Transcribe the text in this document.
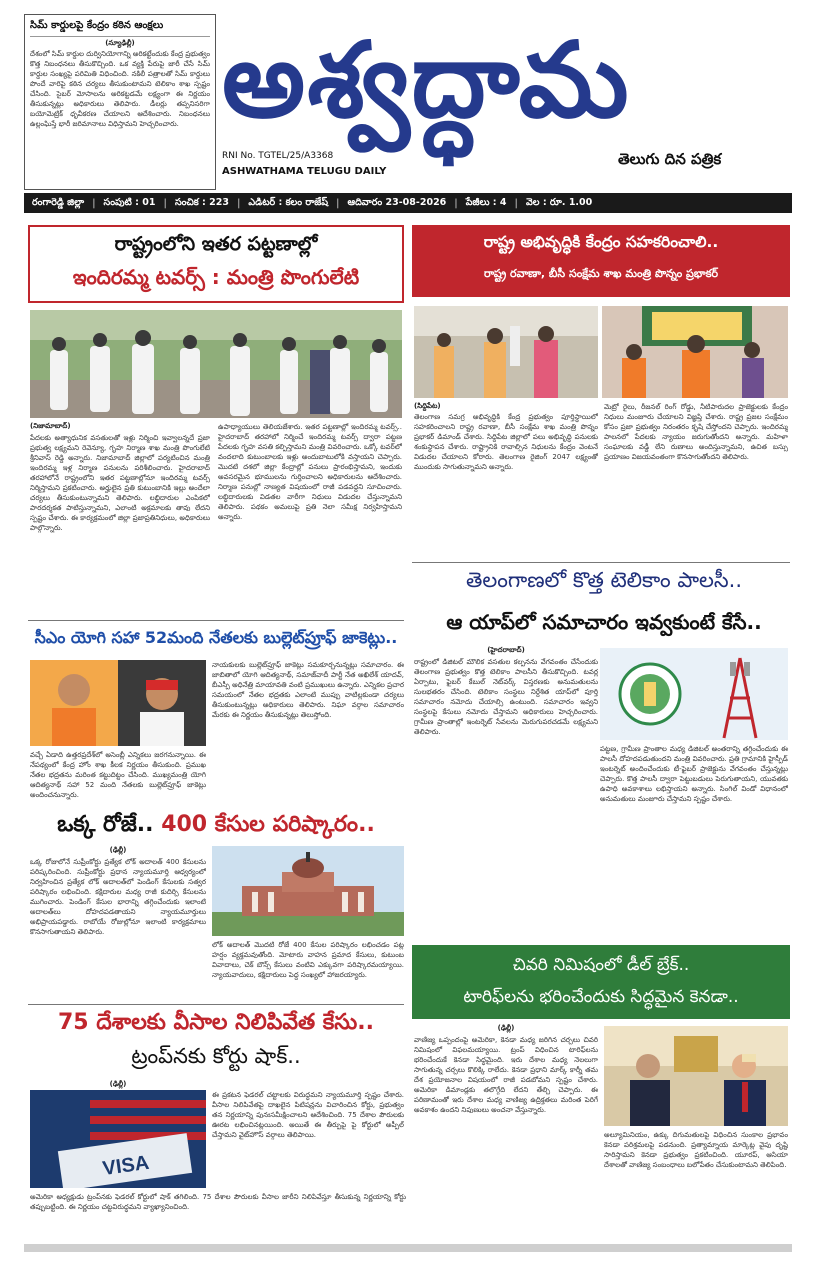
సిమ్ కార్డులపై కేంద్రం కఠిన ఆంక్షలు
(న్యూఢిల్లీ)
దేశంలో సిమ్ కార్డుల దుర్వినియోగాన్ని అరికట్టేందుకు కేంద్ర ప్రభుత్వం కొత్త నిబంధనలు తీసుకొచ్చింది. ఒక వ్యక్తి పేరుపై జారీ చేసే సిమ్ కార్డుల సంఖ్యపై పరిమితి విధించింది. నకిలీ పత్రాలతో సిమ్ కార్డులు పొందే వారిపై కఠిన చర్యలు తీసుకుంటామని టెలికాం శాఖ స్పష్టం చేసింది. సైబర్ మోసాలను అరికట్టడమే లక్ష్యంగా ఈ నిర్ణయం తీసుకున్నట్లు అధికారులు తెలిపారు. డీలర్లు తప్పనిసరిగా బయోమెట్రిక్ ధృవీకరణ చేయాలని ఆదేశించారు. నిబంధనలు ఉల్లంఘిస్తే భారీ జరిమానాలు విధిస్తామని హెచ్చరించారు. అశ్వద్ధామ
RNI No. TGTEL/25/A3368
ASHWATHAMA TELUGU DAILY
తెలుగు దిన పత్రిక
రంగారెడ్డి జిల్లా | సంపుటి : 01 | సంచిక : 223 | ఎడిటర్ : కలం రాజేష్ | ఆదివారం 23-08-2026 | పేజీలు : 4 | వెల : రూ. 1.00
రాష్ట్రంలోని ఇతర పట్టణాల్లో
ఇందిరమ్మ టవర్స్ : మంత్రి పొంగులేటి
(నిజామాబాద్)
పేదలకు అత్యాధునిక వసతులతో ఇళ్లు నిర్మించి ఇవ్వాలన్నదే ప్రజా ప్రభుత్వ లక్ష్యమని రెవెన్యూ, గృహ నిర్మాణ శాఖ మంత్రి పొంగులేటి శ్రీనివాస్ రెడ్డి అన్నారు. నిజామాబాద్ జిల్లాలో పర్యటించిన మంత్రి ఇందిరమ్మ ఇళ్ల నిర్మాణ పనులను పరిశీలించారు. హైదరాబాద్‌ తరహాలోనే రాష్ట్రంలోని ఇతర పట్టణాల్లోనూ ఇందిరమ్మ టవర్స్ నిర్మిస్తామని ప్రకటించారు. అర్హులైన ప్రతి కుటుంబానికి ఇల్లు అందేలా చర్యలు తీసుకుంటున్నామని తెలిపారు. లబ్ధిదారుల ఎంపికలో పారదర్శకత పాటిస్తున్నామని, ఎలాంటి అక్రమాలకు తావు లేదని స్పష్టం చేశారు. ఈ కార్యక్రమంలో జిల్లా ప్రజాప్రతినిధులు, అధికారులు పాల్గొన్నారు.
ఉపాధ్యాయులు తెలియజేశారు. ఇతర పట్టణాల్లో ఇందిరమ్మ టవర్స్.. హైదరాబాద్‌ తరహాలో నిర్మించే ఇందిరమ్మ టవర్స్ ద్వారా పట్టణ పేదలకు గృహ వసతి కల్పిస్తామని మంత్రి వివరించారు. ఒక్కో టవర్‌లో వందలాది కుటుంబాలకు ఇళ్లు అందుబాటులోకి వస్తాయని చెప్పారు. మొదటి దశలో జిల్లా కేంద్రాల్లో పనులు ప్రారంభిస్తామని, ఇందుకు అవసరమైన భూములను గుర్తించాలని అధికారులను ఆదేశించారు. నిర్మాణ పనుల్లో నాణ్యత విషయంలో రాజీ పడవద్దని సూచించారు. లబ్ధిదారులకు విడతల వారీగా నిధులు విడుదల చేస్తున్నామని తెలిపారు. పథకం అమలుపై ప్రతి నెలా సమీక్ష నిర్వహిస్తామని అన్నారు.
రాష్ట్ర అభివృద్ధికి కేంద్రం సహకరించాలి..
రాష్ట్ర రవాణా, బీసీ సంక్షేమ శాఖ మంత్రి పొన్నం ప్రభాకర్
(సిద్దిపేట)
తెలంగాణ సమగ్ర అభివృద్ధికి కేంద్ర ప్రభుత్వం పూర్తిస్థాయిలో సహకరించాలని రాష్ట్ర రవాణా, బీసీ సంక్షేమ శాఖ మంత్రి పొన్నం ప్రభాకర్ డిమాండ్ చేశారు. సిద్దిపేట జిల్లాలో పలు అభివృద్ధి పనులకు శంకుస్థాపన చేశారు. రాష్ట్రానికి రావాల్సిన నిధులను కేంద్రం వెంటనే విడుదల చేయాలని కోరారు. తెలంగాణ రైజింగ్ 2047 లక్ష్యంతో ముందుకు సాగుతున్నామని అన్నారు.
మెట్రో రైలు, రీజనల్ రింగ్ రోడ్డు, నీటిపారుదల ప్రాజెక్టులకు కేంద్రం నిధులు మంజూరు చేయాలని విజ్ఞప్తి చేశారు. రాష్ట్ర ప్రజల సంక్షేమం కోసం ప్రజా ప్రభుత్వం నిరంతరం కృషి చేస్తోందని చెప్పారు. ఇందిరమ్మ పాలనలో పేదలకు న్యాయం జరుగుతోందని అన్నారు. మహిళా సంఘాలకు వడ్డీ లేని రుణాలు అందిస్తున్నామని, ఉచిత బస్సు ప్రయాణం విజయవంతంగా కొనసాగుతోందని తెలిపారు.
తెలంగాణలో కొత్త టెలికాం పాలసీ..
ఆ యాప్‌లో సమాచారం ఇవ్వకుంటే కేసే..
(హైదరాబాద్)
రాష్ట్రంలో డిజిటల్ మౌలిక వసతుల కల్పనను వేగవంతం చేసేందుకు తెలంగాణ ప్రభుత్వం కొత్త టెలికాం పాలసీని తీసుకొచ్చింది. టవర్ల ఏర్పాటు, ఫైబర్ కేబుల్ నెట్‌వర్క్ విస్తరణకు అనుమతులను సులభతరం చేసింది. టెలికాం సంస్థలు నిర్దేశిత యాప్‌లో పూర్తి సమాచారం నమోదు చేయాల్సి ఉంటుంది. సమాచారం ఇవ్వని సంస్థలపై కేసులు నమోదు చేస్తామని అధికారులు హెచ్చరించారు. గ్రామీణ ప్రాంతాల్లో ఇంటర్నెట్ సేవలను మెరుగుపరచడమే లక్ష్యమని తెలిపారు.
పట్టణ, గ్రామీణ ప్రాంతాల మధ్య డిజిటల్ అంతరాన్ని తగ్గించేందుకు ఈ పాలసీ దోహదపడుతుందని మంత్రి వివరించారు. ప్రతి గ్రామానికి హైస్పీడ్ ఇంటర్నెట్ అందించేందుకు టీ-ఫైబర్ ప్రాజెక్టును వేగవంతం చేస్తున్నట్లు చెప్పారు. కొత్త పాలసీ ద్వారా పెట్టుబడులు పెరుగుతాయని, యువతకు ఉపాధి అవకాశాలు లభిస్తాయని అన్నారు. సింగిల్ విండో విధానంలో అనుమతులు మంజూరు చేస్తామని స్పష్టం చేశారు.
సీఎం యోగి సహా 52మంది నేతలకు బుల్లెట్‌ప్రూఫ్ జాకెట్లు..
వచ్చే ఏడాది ఉత్తరప్రదేశ్‌లో అసెంబ్లీ ఎన్నికలు జరగనున్నాయి. ఈ నేపథ్యంలో కేంద్ర హోం శాఖ కీలక నిర్ణయం తీసుకుంది. ప్రముఖ నేతల భద్రతను మరింత కట్టుదిట్టం చేసింది. ముఖ్యమంత్రి యోగి ఆదిత్యనాథ్ సహా 52 మంది నేతలకు బుల్లెట్‌ప్రూఫ్ జాకెట్లు అందించనున్నారు.
నాయకులకు బుల్లెట్‌ప్రూఫ్ జాకెట్లు సమకూర్చనున్నట్లు సమాచారం. ఈ జాబితాలో యోగి ఆదిత్యనాథ్, సమాజ్‌వాదీ పార్టీ నేత అఖిలేశ్ యాదవ్, బీఎస్పీ అధినేత్రి మాయావతి వంటి ప్రముఖులు ఉన్నారు. ఎన్నికల ప్రచార సమయంలో నేతల భద్రతకు ఎలాంటి ముప్పు వాటిల్లకుండా చర్యలు తీసుకుంటున్నట్లు అధికారులు తెలిపారు. నిఘా వర్గాల సమాచారం మేరకు ఈ నిర్ణయం తీసుకున్నట్లు తెలుస్తోంది.
ఒక్క రోజే.. 400 కేసుల పరిష్కారం..
(ఢిల్లీ)
ఒక్క రోజులోనే సుప్రీంకోర్టు ప్రత్యేక లోక్ అదాలత్ 400 కేసులను పరిష్కరించింది. సుప్రీంకోర్టు ప్రధాన న్యాయమూర్తి ఆధ్వర్యంలో నిర్వహించిన ప్రత్యేక లోక్ అదాలత్‌లో పెండింగ్ కేసులకు సత్వర పరిష్కారం లభించింది. కక్షిదారుల మధ్య రాజీ కుదిర్చి కేసులను ముగించారు. పెండింగ్ కేసుల భారాన్ని తగ్గించేందుకు ఇలాంటి అదాలత్‌లు దోహదపడతాయని న్యాయమూర్తులు అభిప్రాయపడ్డారు. రాబోయే రోజుల్లోనూ ఇలాంటి కార్యక్రమాలు కొనసాగుతాయని తెలిపారు.
లోక్ అదాలత్ మొదటి రోజే 400 కేసుల పరిష్కారం లభించడం పట్ల హర్షం వ్యక్తమవుతోంది. మోటారు వాహన ప్రమాద కేసులు, కుటుంబ వివాదాలు, చెక్ బౌన్స్ కేసులు వంటివి ఎక్కువగా పరిష్కారమయ్యాయి. న్యాయవాదులు, కక్షిదారులు పెద్ద సంఖ్యలో హాజరయ్యారు.	చివరి నిమిషంలో డీల్ బ్రేక్..
టారిఫ్‌లను భరించేందుకు సిద్ధమైన కెనడా..
(ఢిల్లీ)
వాణిజ్య ఒప్పందంపై అమెరికా, కెనడా మధ్య జరిగిన చర్చలు చివరి నిమిషంలో విఫలమయ్యాయి. ట్రంప్ విధించిన టారిఫ్‌లను భరించేందుకే కెనడా సిద్ధమైంది. ఇరు దేశాల మధ్య నెలలుగా సాగుతున్న చర్చలు కొలిక్కి రాలేదు. కెనడా ప్రధాని మార్క్ కార్నీ తమ దేశ ప్రయోజనాల విషయంలో రాజీ పడబోమని స్పష్టం చేశారు. అమెరికా డిమాండ్లకు తలొగ్గేది లేదని తేల్చి చెప్పారు. ఈ పరిణామంతో ఇరు దేశాల మధ్య వాణిజ్య ఉద్రిక్తతలు మరింత పెరిగే అవకాశం ఉందని నిపుణులు అంచనా వేస్తున్నారు.
అల్యూమినియం, ఉక్కు దిగుమతులపై విధించిన సుంకాల ప్రభావం కెనడా పరిశ్రమలపై పడనుంది. ప్రత్యామ్నాయ మార్కెట్ల వైపు దృష్టి సారిస్తామని కెనడా ప్రభుత్వం ప్రకటించింది. యూరప్, ఆసియా దేశాలతో వాణిజ్య సంబంధాలు బలోపేతం చేసుకుంటామని తెలిపింది.
75 దేశాలకు వీసాల నిలిపివేత కేసు..
ట్రంప్‌నకు కోర్టు షాక్..
(ఢిల్లీ)
VISA
అమెరికా అధ్యక్షుడు ట్రంప్‌నకు ఫెడరల్ కోర్టులో షాక్ తగిలింది. 75 దేశాల పౌరులకు వీసాల జారీని నిలిపివేస్తూ తీసుకున్న నిర్ణయాన్ని కోర్టు తప్పుబట్టింది. ఈ నిర్ణయం చట్టవిరుద్ధమని వ్యాఖ్యానించింది.
ఈ ప్రకటన ఫెడరల్ చట్టాలకు విరుద్ధమని న్యాయమూర్తి స్పష్టం చేశారు. వీసాల నిలిపివేతపై దాఖలైన పిటిషన్లను విచారించిన కోర్టు, ప్రభుత్వం తన నిర్ణయాన్ని పునఃసమీక్షించాలని ఆదేశించింది. 75 దేశాల పౌరులకు ఊరట లభించినట్లయింది. అయితే ఈ తీర్పుపై పై కోర్టులో అప్పీల్ చేస్తామని వైట్‌హౌస్ వర్గాలు తెలిపాయి.
